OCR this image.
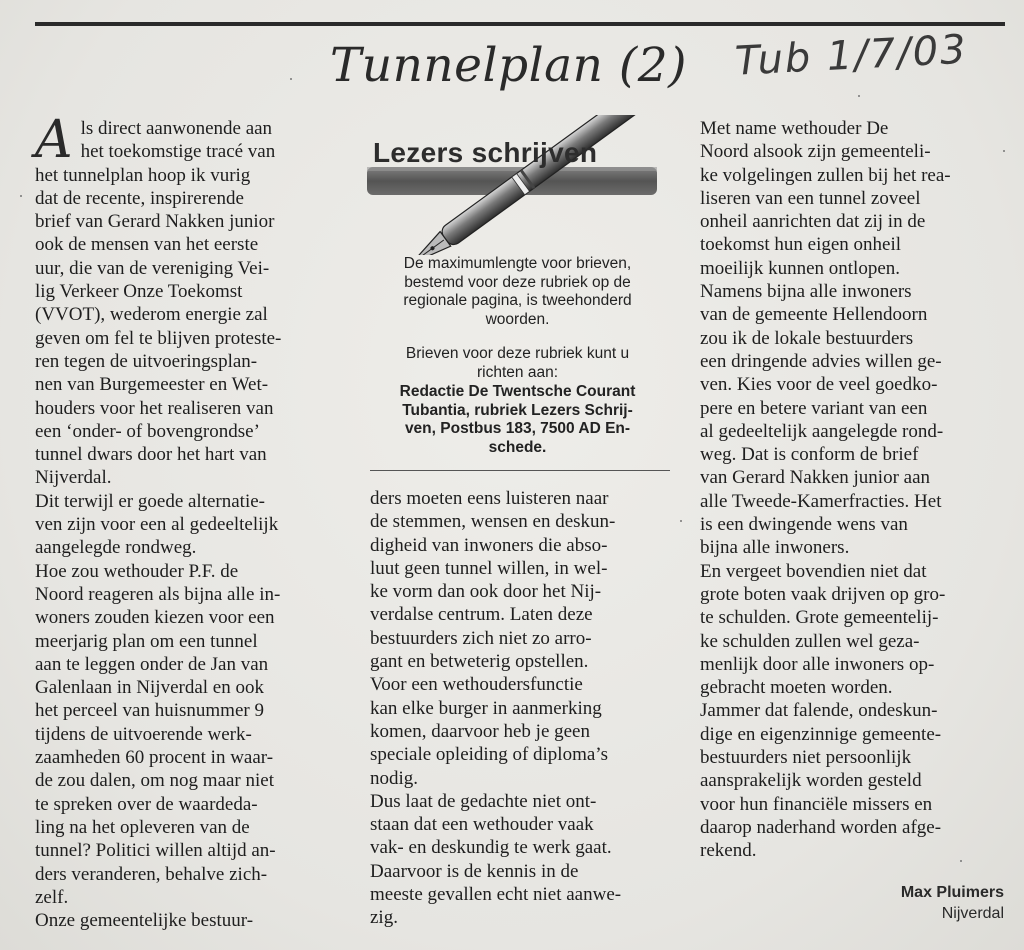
Tunnelplan (2)	Tub 1/7/03
A ls direct aanwonende aan
het toekomstige tracé van
het tunnelplan hoop ik vurig
dat de recente, inspirerende
brief van Gerard Nakken junior
ook de mensen van het eerste
uur, die van de vereniging Vei-
lig Verkeer Onze Toekomst
(VVOT), wederom energie zal
geven om fel te blijven proteste-
ren tegen de uitvoeringsplan-
nen van Burgemeester en Wet-
houders voor het realiseren van
een ‘onder- of bovengrondse’
tunnel dwars door het hart van
Nijverdal.

Dit terwijl er goede alternatie-
ven zijn voor een al gedeeltelijk
aangelegde rondweg.

Hoe zou wethouder P.F. de
Noord reageren als bijna alle in-
woners zouden kiezen voor een
meerjarig plan om een tunnel
aan te leggen onder de Jan van
Galenlaan in Nijverdal en ook
het perceel van huisnummer 9
tijdens de uitvoerende werk-
zaamheden 60 procent in waar-
de zou dalen, om nog maar niet
te spreken over de waardeda-
ling na het opleveren van de
tunnel? Politici willen altijd an-
ders veranderen, behalve zich-
zelf.

Onze gemeentelijke bestuur-

Lezers schrijven
De maximumlengte voor brieven,
bestemd voor deze rubriek op de
regionale pagina, is tweehonderd
woorden.
Brieven voor deze rubriek kunt u
richten aan:
Redactie De Twentsche Courant
Tubantia, rubriek Lezers Schrij-
ven, Postbus 183, 7500 AD En-
schede.

ders moeten eens luisteren naar
de stemmen, wensen en deskun-
digheid van inwoners die abso-
luut geen tunnel willen, in wel-
ke vorm dan ook door het Nij-
verdalse centrum. Laten deze
bestuurders zich niet zo arro-
gant en betweterig opstellen.

Voor een wethoudersfunctie
kan elke burger in aanmerking
komen, daarvoor heb je geen
speciale opleiding of diploma’s
nodig.

Dus laat de gedachte niet ont-
staan dat een wethouder vaak
vak- en deskundig te werk gaat.
Daarvoor is de kennis in de
meeste gevallen echt niet aanwe-
zig.

Met name wethouder De
Noord alsook zijn gemeenteli-
ke volgelingen zullen bij het rea-
liseren van een tunnel zoveel
onheil aanrichten dat zij in de
toekomst hun eigen onheil
moeilijk kunnen ontlopen.

Namens bijna alle inwoners
van de gemeente Hellendoorn
zou ik de lokale bestuurders
een dringende advies willen ge-
ven. Kies voor de veel goedko-
pere en betere variant van een
al gedeeltelijk aangelegde rond-
weg. Dat is conform de brief
van Gerard Nakken junior aan
alle Tweede-Kamerfracties. Het
is een dwingende wens van
bijna alle inwoners.

En vergeet bovendien niet dat
grote boten vaak drijven op gro-
te schulden. Grote gemeentelij-
ke schulden zullen wel geza-
menlijk door alle inwoners op-
gebracht moeten worden.

Jammer dat falende, ondeskun-
dige en eigenzinnige gemeente-
bestuurders niet persoonlijk
aansprakelijk worden gesteld
voor hun financiële missers en
daarop naderhand worden afge-
rekend.

Max Pluimers
Nijverdal
